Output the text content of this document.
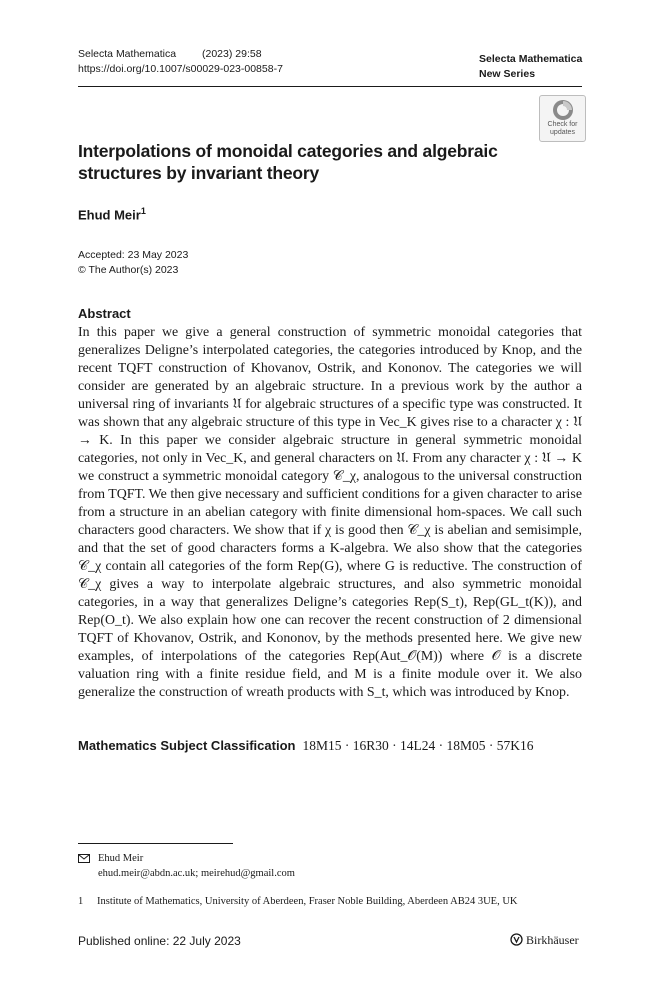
Selecta Mathematica (2023) 29:58
https://doi.org/10.1007/s00029-023-00858-7
Selecta Mathematica
New Series
Check for
updates
Interpolations of monoidal categories and algebraic structures by invariant theory
Ehud Meir$^1$
Accepted: 23 May 2023
© The Author(s) 2023
Abstract
In this paper we give a general construction of symmetric monoidal categories that generalizes Deligne’s interpolated categories, the categories introduced by Knop, and the recent TQFT construction of Khovanov, Ostrik, and Kononov. The categories we will consider are generated by an algebraic structure. In a previous work by the author a universal ring of invariants 𝔘 for algebraic structures of a specific type was constructed. It was shown that any algebraic structure of this type in Vec_K gives rise to a character χ : 𝔘 → K. In this paper we consider algebraic structure in general symmetric monoidal categories, not only in Vec_K, and general characters on 𝔘. From any character χ : 𝔘 → K we construct a symmetric monoidal category 𝒞_χ, analogous to the universal construction from TQFT. We then give necessary and sufficient conditions for a given character to arise from a structure in an abelian category with finite dimensional hom-spaces. We call such characters good characters. We show that if χ is good then 𝒞_χ is abelian and semisimple, and that the set of good characters forms a K-algebra. We also show that the categories 𝒞_χ contain all categories of the form Rep(G), where G is reductive. The construction of 𝒞_χ gives a way to interpolate algebraic structures, and also symmetric monoidal categories, in a way that generalizes Deligne’s categories Rep(S_t), Rep(GL_t(K)), and Rep(O_t). We also explain how one can recover the recent construction of 2 dimensional TQFT of Khovanov, Ostrik, and Kononov, by the methods presented here. We give new examples, of interpolations of the categories Rep(Aut_𝒪(M)) where 𝒪 is a discrete valuation ring with a finite residue field, and M is a finite module over it. We also generalize the construction of wreath products with S_t, which was introduced by Knop.
Mathematics Subject Classification 18M15 · 16R30 · 14L24 · 18M05 · 57K16
Ehud Meir
ehud.meir@abdn.ac.uk; meirehud@gmail.com
1 Institute of Mathematics, University of Aberdeen, Fraser Noble Building, Aberdeen AB24 3UE, UK
Published online: 22 July 2023	Birkhäuser
